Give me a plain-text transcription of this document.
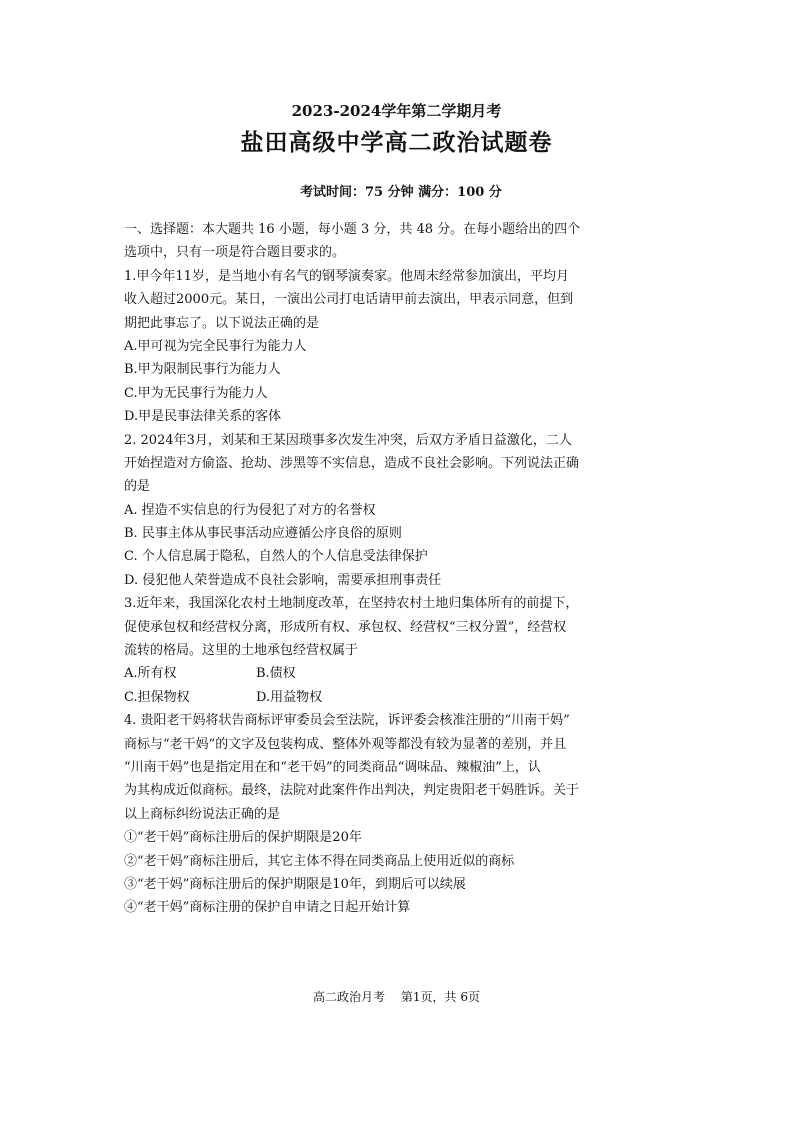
2023-2024学年第二学期月考
盐田高级中学高二政治试题卷
考试时间：75 分钟 满分：100 分
一、选择题：本大题共 16 小题，每小题 3 分，共 48 分。在每小题给出的四个
选项中，只有一项是符合题目要求的。
1.甲今年11岁，是当地小有名气的钢琴演奏家。他周末经常参加演出，平均月
收入超过2000元。某日，一演出公司打电话请甲前去演出，甲表示同意，但到
期把此事忘了。以下说法正确的是
A.甲可视为完全民事行为能力人
B.甲为限制民事行为能力人
C.甲为无民事行为能力人
D.甲是民事法律关系的客体
2. 2024年3月，刘某和王某因琐事多次发生冲突，后双方矛盾日益激化，二人
开始捏造对方偷盗、抢劫、涉黑等不实信息，造成不良社会影响。下列说法正确
的是
A. 捏造不实信息的行为侵犯了对方的名誉权
B. 民事主体从事民事活动应遵循公序良俗的原则
C. 个人信息属于隐私，自然人的个人信息受法律保护
D. 侵犯他人荣誉造成不良社会影响，需要承担刑事责任
3.近年来，我国深化农村土地制度改革，在坚持农村土地归集体所有的前提下，
促使承包权和经营权分离，形成所有权、承包权、经营权“三权分置”，经营权
流转的格局。这里的土地承包经营权属于
A.所有权	B.债权
C.担保物权	D.用益物权
4. 贵阳老干妈将状告商标评审委员会至法院，诉评委会核准注册的“川南干妈”
商标与“老干妈”的文字及包装构成、整体外观等都没有较为显著的差别，并且
“川南干妈”也是指定用在和“老干妈”的同类商品“调味品、辣椒油”上，认
为其构成近似商标。最终，法院对此案件作出判决，判定贵阳老干妈胜诉。关于
以上商标纠纷说法正确的是
①“老干妈”商标注册后的保护期限是20年
②“老干妈”商标注册后，其它主体不得在同类商品上使用近似的商标
③“老干妈”商标注册后的保护期限是10年，到期后可以续展
④“老干妈”商标注册的保护自申请之日起开始计算
高二政治月考 第1页，共 6页
